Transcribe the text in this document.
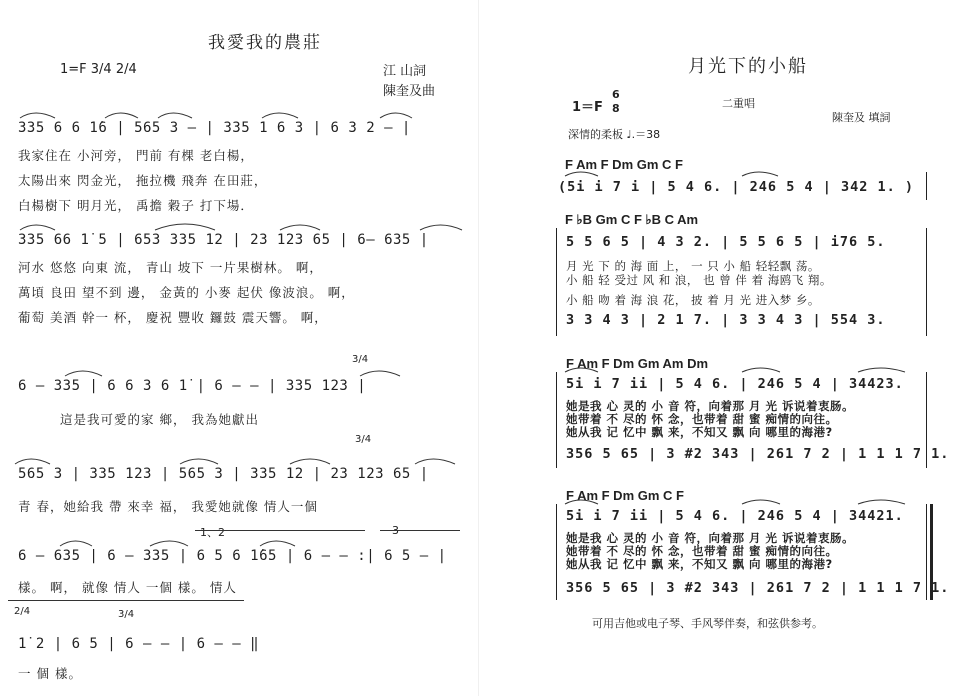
我愛我的農莊
1=F 3/4 2/4	江 山詞
陳奎及曲
335 6 6 1̇6 | 565 3 — | 335 1 6 3 | 6 3 2 — |
我家住在 小河旁， 門前 有棵 老白楊，
太陽出來 閃金光， 拖拉機 飛奔 在田莊，
白楊樹下 明月光， 禹擔 穀子 打下場．
335 66 1̇ 5 | 653 335 12 | 23 123 65 | 6— 635 |
河水 悠悠 向東 流， 青山 坡下 一片果樹林。 啊，
萬頃 良田 望不到 邊， 金黃的 小麥 起伏 像波浪。 啊，
葡萄 美酒 幹一 杯， 慶祝 豐收 鑼鼓 震天響。 啊，
3/4
6 — 335 | 6 6 3 6 1̇ | 6 — — | 335 123 |
這是我可愛的家 鄉， 我為她獻出
3/4
565 3 | 335 123 | 565 3 | 335 12 | 23 123 65 |
青 春，她給我 帶 來幸 福， 我愛她就像 情人一個
1、2	3
6 — 635 | 6 — 335 | 6 5 6 1̇65 | 6 — — :| 6 5 — |
樣。 啊， 就像 情人 一個 樣。 情人
2/4	3/4
1̇ 2 | 6 5 | 6 — — | 6 — — ‖
一 個 樣。
月光下的小船
1＝F
6
8	二重唱
陳奎及 填詞
深情的柔板 ♩.＝38
F Am F Dm Gm C F
(5i i 7 i | 5 4 6. | 246 5 4 | 342 1. )
F ♭B Gm C F ♭B C Am
5 5 6 5 | 4 3 2. | 5 5 6 5 | i76 5.
月 光 下 的 海 面 上， 一 只 小 船 轻轻飘 荡。
小 船 轻 受过 风 和 浪， 也 曾 伴 着 海鸥飞 翔。
小 船 吻 着 海 浪 花， 披 着 月 光 进入梦 乡。
3 3 4 3 | 2 1 7. | 3 3 4 3 | 554 3.
F Am F Dm Gm Am Dm
5i i 7 ii | 5 4 6. | 246 5 4 | 34423.
她是我 心 灵的 小 音 符，向着那 月 光 诉说着衷肠。
她带着 不 尽的 怀 念，也带着 甜 蜜 痴情的向往。
她从我 记 忆中 飘 来，不知又 飘 向 哪里的海港?
356 5 65 | 3 #2 343 | 261 7 2 | 1 1 1 7 1.
F Am F Dm Gm C F
5i i 7 ii | 5 4 6. | 246 5 4 | 34421.
她是我 心 灵的 小 音 符，向着那 月 光 诉说着衷肠。
她带着 不 尽的 怀 念，也带着 甜 蜜 痴情的向往。
她从我 记 忆中 飘 来，不知又 飘 向 哪里的海港?
356 5 65 | 3 #2 343 | 261 7 2 | 1 1 1 7 1.
可用吉他或电子琴、手风琴伴奏，和弦供参考。
